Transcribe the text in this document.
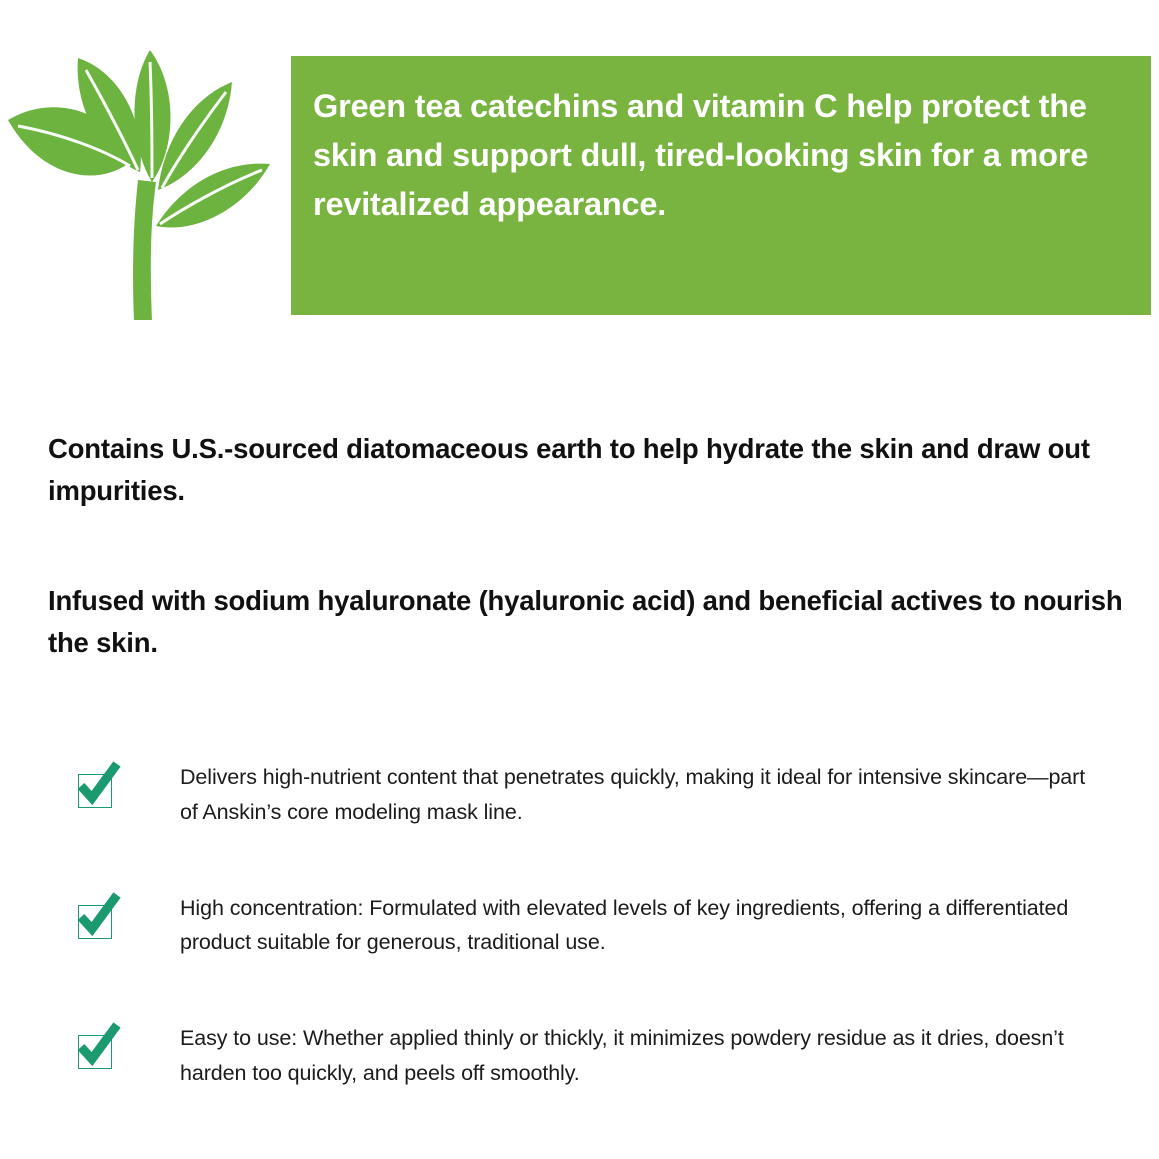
Green tea catechins and vitamin C help protect the skin and support dull, tired-looking skin for a more revitalized appearance.
Contains U.S.-sourced diatomaceous earth to help hydrate the skin and draw out impurities.
Infused with sodium hyaluronate (hyaluronic acid) and beneficial actives to nourish the skin.
Delivers high-nutrient content that penetrates quickly, making it ideal for intensive skincare—part of Anskin’s core modeling mask line.
High concentration: Formulated with elevated levels of key ingredients, offering a differentiated product suitable for generous, traditional use.
Easy to use: Whether applied thinly or thickly, it minimizes powdery residue as it dries, doesn’t harden too quickly, and peels off smoothly.
